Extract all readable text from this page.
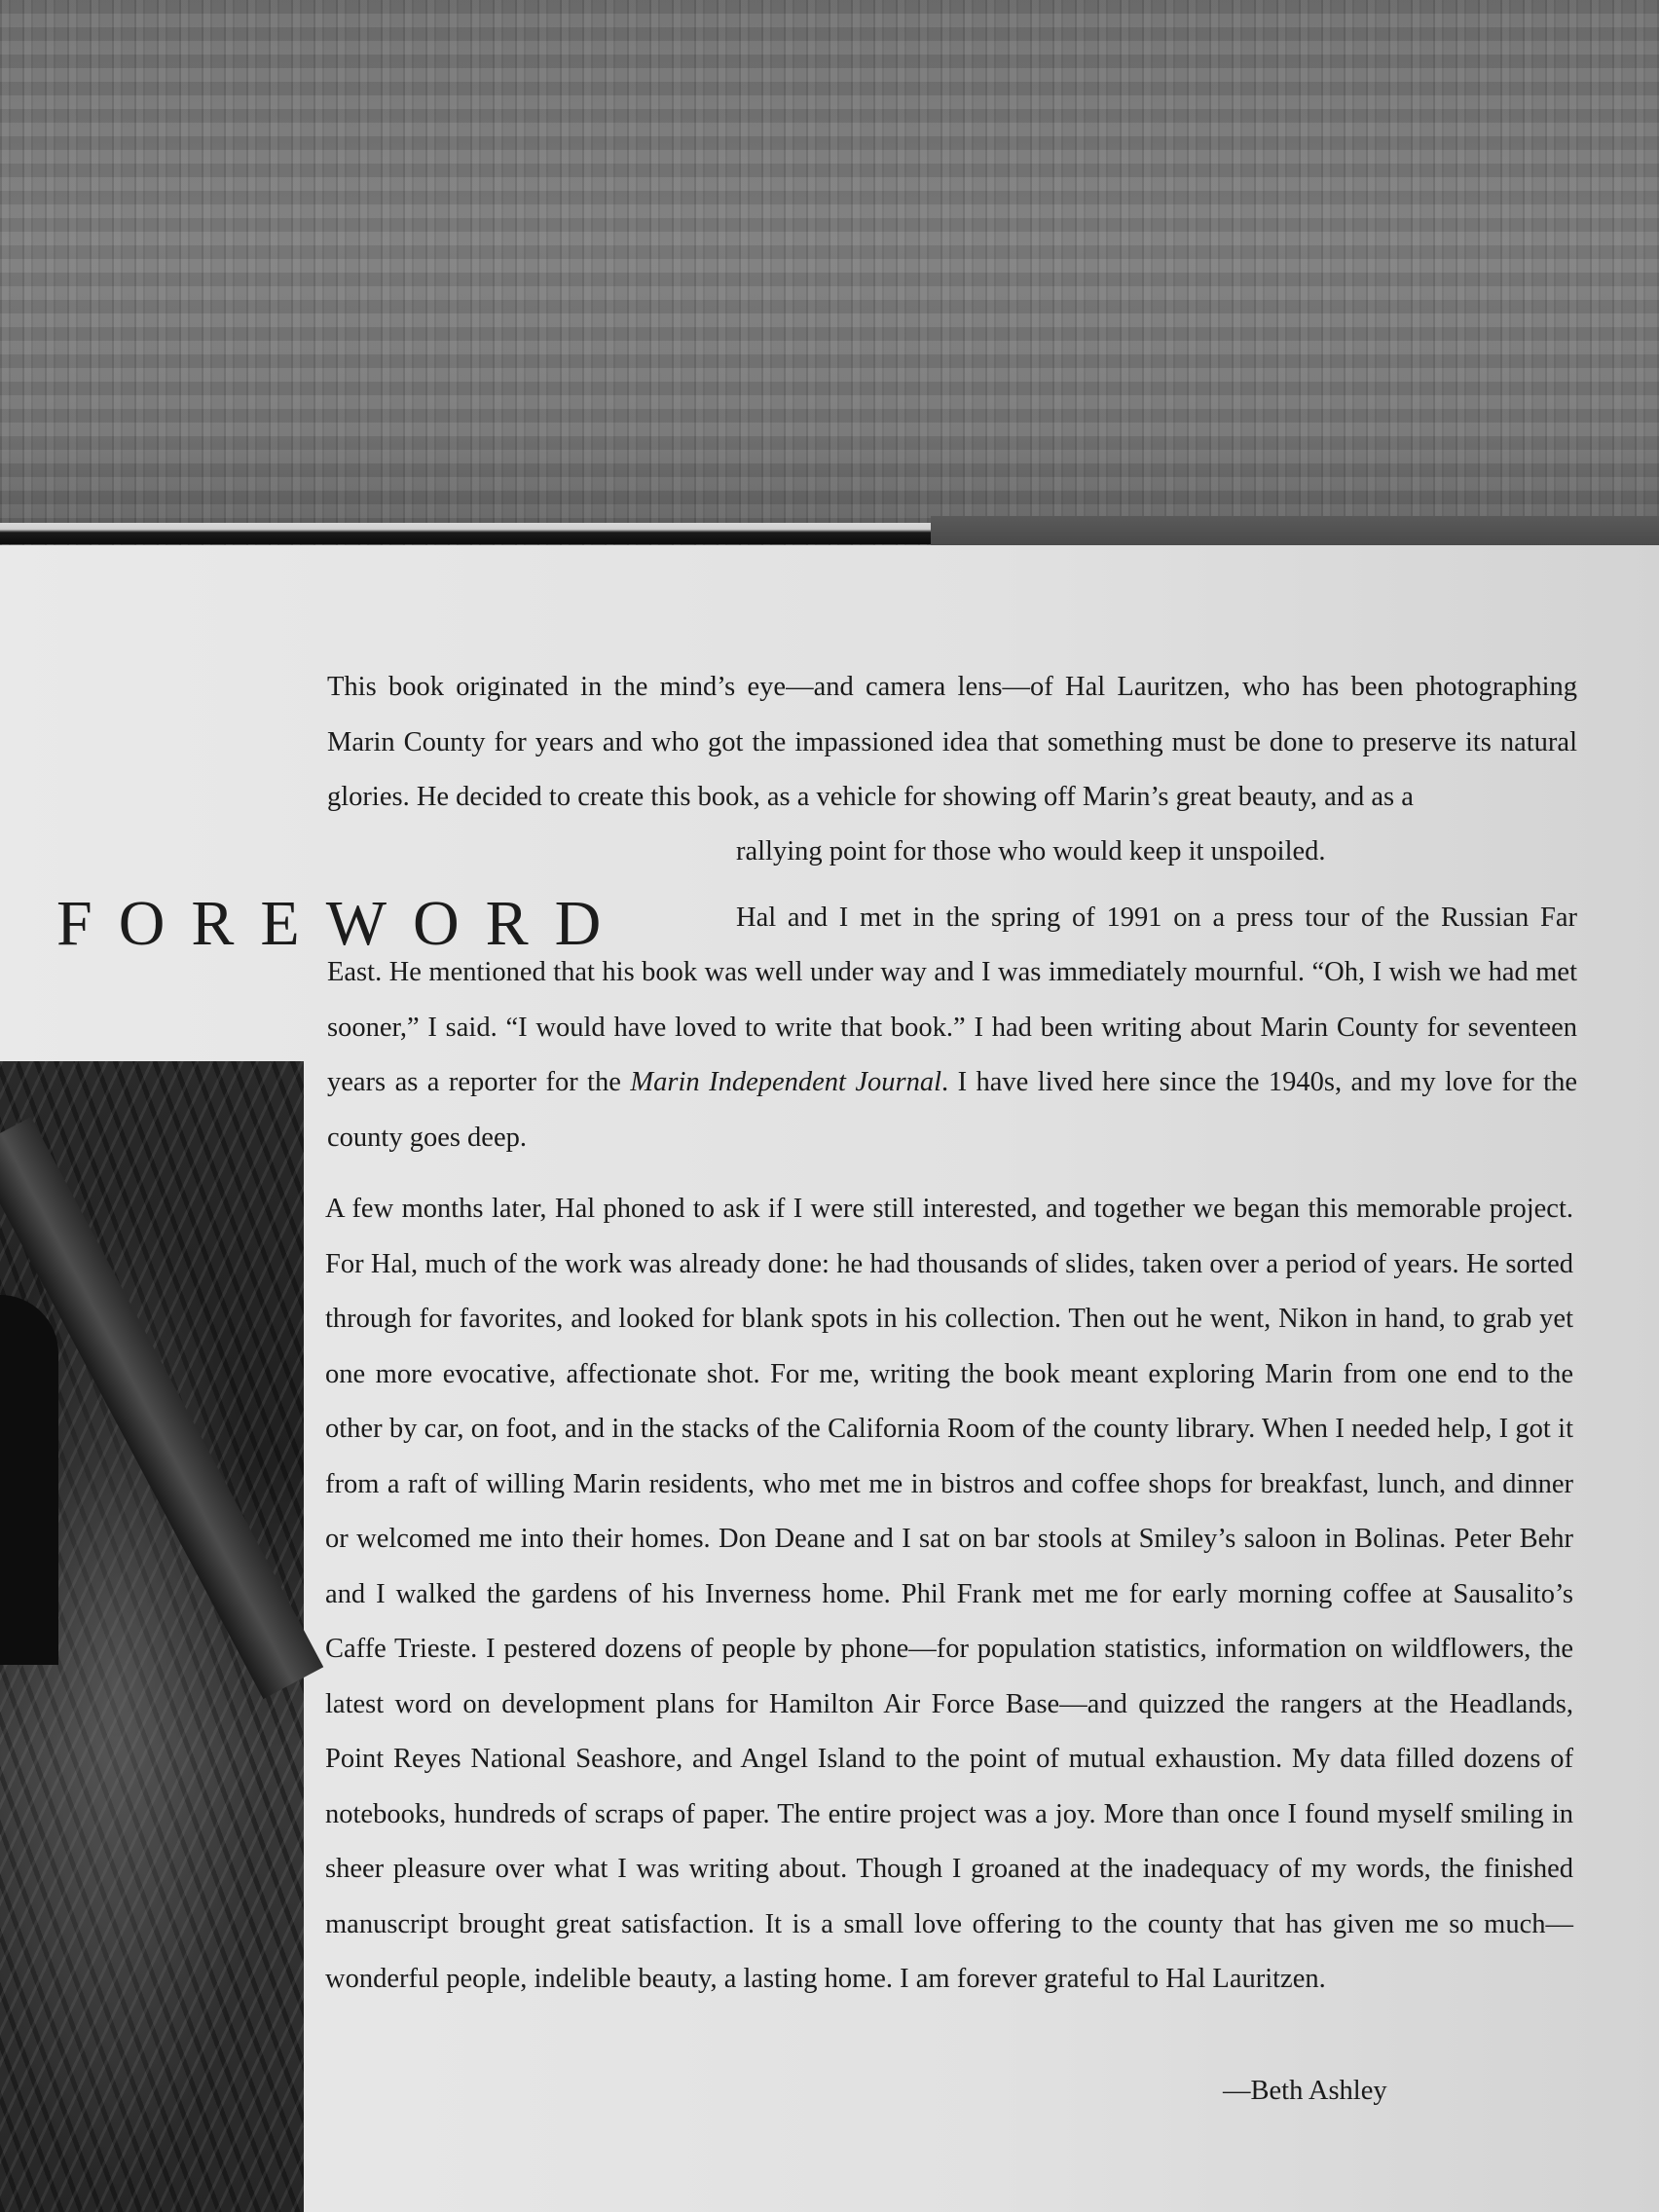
FOREWORD

This book originated in the mind’s eye—and camera lens—of Hal Lauritzen, who has been photographing Marin County for years and who got the impassioned idea that something must be done to preserve its natural glories. He decided to create this book, as a vehicle for showing off Marin’s great beauty, and as a

rallying point for those who would keep it unspoiled.

Hal and I met in the spring of 1991 on a press tour of the Russian Far

East. He mentioned that his book was well under way and I was immediately mournful. “Oh, I wish we had met sooner,” I said. “I would have loved to write that book.” I had been writing about Marin County for seventeen years as a reporter for the Marin Independent Journal. I have lived here since the 1940s, and my love for the county goes deep.

A few months later, Hal phoned to ask if I were still interested, and together we began this memorable project. For Hal, much of the work was already done: he had thousands of slides, taken over a period of years. He sorted through for favorites, and looked for blank spots in his collection. Then out he went, Nikon in hand, to grab yet one more evocative, affectionate shot. For me, writing the book meant exploring Marin from one end to the other by car, on foot, and in the stacks of the California Room of the county library. When I needed help, I got it from a raft of willing Marin residents, who met me in bistros and coffee shops for breakfast, lunch, and dinner or welcomed me into their homes. Don Deane and I sat on bar stools at Smiley’s saloon in Bolinas. Peter Behr and I walked the gardens of his Inverness home. Phil Frank met me for early morning coffee at Sausalito’s Caffe Trieste. I pestered dozens of people by phone—for population statistics, information on wildflowers, the latest word on development plans for Hamilton Air Force Base—and quizzed the rangers at the Headlands, Point Reyes National Seashore, and Angel Island to the point of mutual exhaustion. My data filled dozens of notebooks, hundreds of scraps of paper. The entire project was a joy. More than once I found myself smiling in sheer pleasure over what I was writing about. Though I groaned at the inadequacy of my words, the finished manuscript brought great satisfaction. It is a small love offering to the county that has given me so much—wonderful people, indelible beauty, a lasting home. I am forever grateful to Hal Lauritzen.

—Beth Ashley
